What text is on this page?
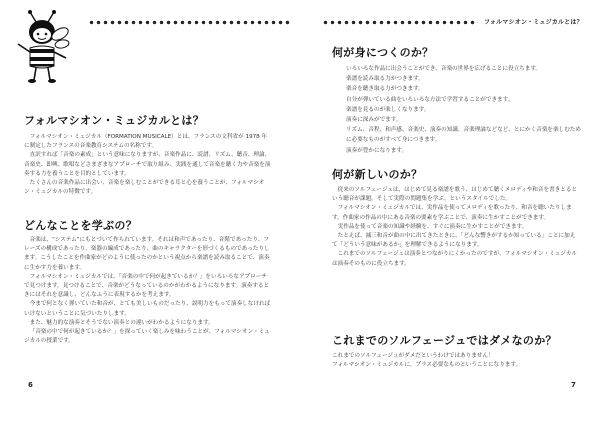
フォルマシオン・ミュジカルとは？

フォルマシオン・ミュジカル（FORMATION MUSICALE）とは、フランスの文科省が 1978 年に制定したフランスの音楽教育システムの名称です。

直訳すれば「音楽の素成」という意味になりますが、音楽作品に、読譜、リズム、聴音、理論、音楽史、即興、歌唱などさまざまなアプローチで取り組み、実践を通して音楽を聴く力や音楽を演奏する力を養うことを目的としています。

たくさんの音楽作品に出会い、音楽を楽しむことができる耳と心を養うことが、フォルマシオン・ミュジカルの特徴です。

どんなことを学ぶの？

音楽は、“システム”にもとづいて作られています。それは和声であったり、音階であったり、フレーズの構成であったり、楽器の編成であったり、曲のキャラクターを形づくるものであったりします。こうしたことを作曲家がどのように使ったのかという視点から楽譜を読み取ることで、演奏に生かす力を養います。

フォルマシオン・ミュジカルでは、「音楽の中で何が起きているか？」をいろいろなアプローチで見つけます。見つけることで、音楽がどうなっているのかがわかるようになります。演奏するときにはそれを意識し、どんなふうに表現するかを考えます。

今まで何となく弾いていた和音が、とても美しいものだったり、説明力をもって演奏しなければいけないということに気づいたりします。

また、魅力的な演奏とそうでない演奏との違いがわかるようになります。

「音楽の中で何が起きているか？」を探っていく楽しみを味わうことが、フォルマシオン・ミュジカルの授業です。

6
フォルマシオン・ミュジカルとは？
何が身につくのか？
いろいろな作品に出会うことができ、音楽の世界を広げることに役立ちます。
楽譜を読み取る力がつきます。
楽音を聴き取る力がつきます。
自分が弾いている曲をいろいろな方法で学習することができます。
楽譜を見るのが楽しくなります。
演奏に深みがでます。
リズム、音程、和声感、音楽史、演奏の知識、音楽理論などなど、とにかく音楽を楽しむために必要なものがすべて身につきます。
演奏が豊かになります。
何が新しいのか？

従来のソルフェージュは、はじめて見る楽譜を歌う、はじめて聴くメロディや和音を書きとるという聴音が課題。そして実際の問題集を学ぶ。というスタイルでした。

フォルマシオン・ミュジカルでは、実作品を使ってメロディを歌ったり、和音を聴いたりします。作曲家の作品の中にある音楽の要素を学ぶことで、演奏に生かすことができます。

実作品を使って音楽の知識や経験を、すぐに演奏に生かすことができます。

たとえば、減三和音が曲の中に出てきたときに、「どんな響きがするか知っている」ことに加えて「どういう意味があるか」を理解できるようになります。

これまでのソルフェージュは演奏とつながりにくかったのですが、フォルマシオン・ミュジカルは演奏そのものに役立ちます。

これまでのソルフェージュではダメなのか？

これまでのソルフェージュがダメだというわけではありません！

フォルマシオン・ミュジカルに、プラス必要なものということになります。

7
